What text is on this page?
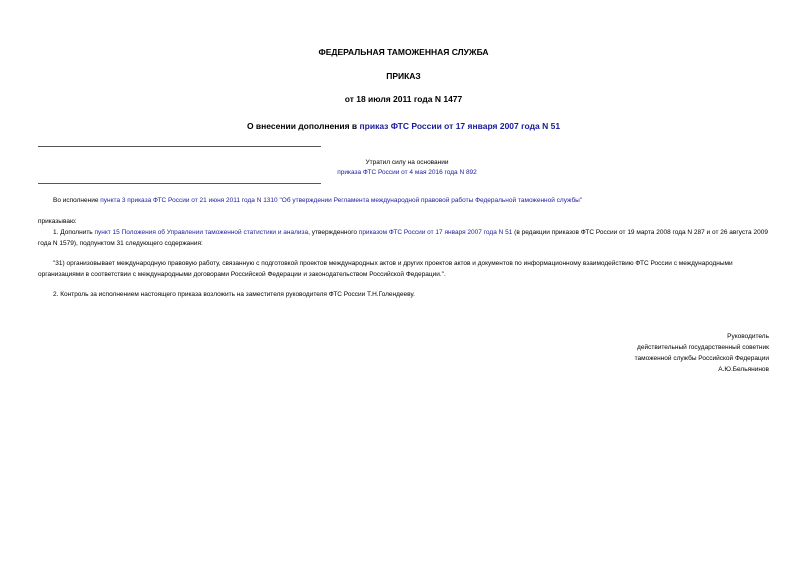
ФЕДЕРАЛЬНАЯ ТАМОЖЕННАЯ СЛУЖБА
ПРИКАЗ
от 18 июля 2011 года N 1477
О внесении дополнения в приказ ФТС России от 17 января 2007 года N 51
Утратил силу на основании
приказа ФТС России от 4 мая 2016 года N 892
Во исполнение пункта 3 приказа ФТС России от 21 июня 2011 года N 1310 "Об утверждении Регламента международной правовой работы Федеральной таможенной службы"
приказываю:
1. Дополнить пункт 15 Положения об Управлении таможенной статистики и анализа, утвержденного приказом ФТС России от 17 января 2007 года N 51 (в редакции приказов ФТС России от 19 марта 2008 года N 287 и от 26 августа 2009 года N 1579), подпунктом 31 следующего содержания:
"31) организовывает международную правовую работу, связанную с подготовкой проектов международных актов и других проектов актов и документов по информационному взаимодействию ФТС России с международными организациями в соответствии с международными договорами Российской Федерации и законодательством Российской Федерации.".
2. Контроль за исполнением настоящего приказа возложить на заместителя руководителя ФТС России Т.Н.Голендееву.
Руководитель
действительный государственный советник
таможенной службы Российской Федерации
А.Ю.Бельянинов
